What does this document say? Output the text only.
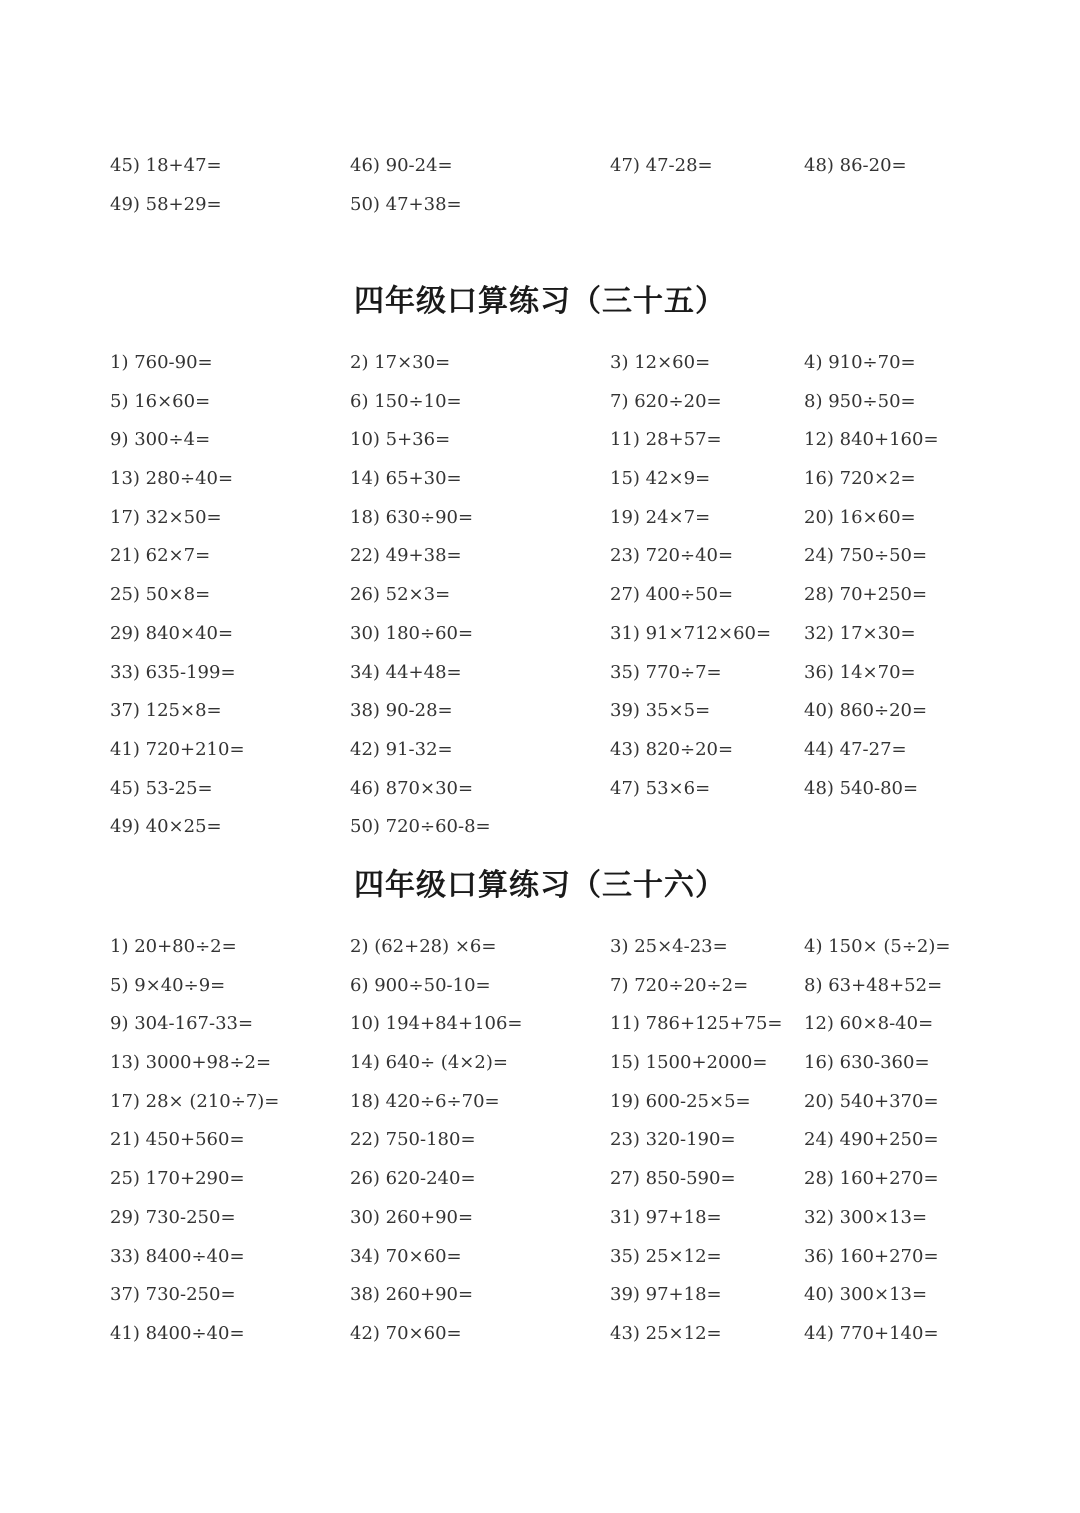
45) 18+47=	46) 90-24=	47) 47-28=	48) 86-20=
49) 58+29=	50) 47+38=
四年级口算练习（三十五）
1) 760-90=	2) 17×30=	3) 12×60=	4) 910÷70=
5) 16×60=	6) 150÷10=	7) 620÷20=	8) 950÷50=
9) 300÷4=	10) 5+36=	11) 28+57=	12) 840+160=
13) 280÷40=	14) 65+30=	15) 42×9=	16) 720×2=
17) 32×50=	18) 630÷90=	19) 24×7=	20) 16×60=
21) 62×7=	22) 49+38=	23) 720÷40=	24) 750÷50=
25) 50×8=	26) 52×3=	27) 400÷50=	28) 70+250=
29) 840×40=	30) 180÷60=	31) 91×712×60= 32) 17×30=
33) 635-199=	34) 44+48=	35) 770÷7=	36) 14×70=
37) 125×8=	38) 90-28=	39) 35×5=	40) 860÷20=
41) 720+210=	42) 91-32=	43) 820÷20=	44) 47-27=
45) 53-25=	46) 870×30=	47) 53×6=	48) 540-80=
49) 40×25=	50) 720÷60-8=
四年级口算练习（三十六）
1) 20+80÷2=	2) (62+28) ×6=	3) 25×4-23=	4) 150× (5÷2)=
5) 9×40÷9=	6) 900÷50-10=	7) 720÷20÷2=	8) 63+48+52=
9) 304-167-33=	10) 194+84+106=	11) 786+125+75= 12) 60×8-40=
13) 3000+98÷2=	14) 640÷ (4×2)=	15) 1500+2000= 16) 630-360=
17) 28× (210÷7)=	18) 420÷6÷70=	19) 600-25×5=	20) 540+370=
21) 450+560=	22) 750-180=	23) 320-190=	24) 490+250=
25) 170+290=	26) 620-240=	27) 850-590=	28) 160+270=
29) 730-250=	30) 260+90=	31) 97+18=	32) 300×13=
33) 8400÷40=	34) 70×60=	35) 25×12=	36) 160+270=
37) 730-250=	38) 260+90=	39) 97+18=	40) 300×13=
41) 8400÷40=	42) 70×60=	43) 25×12=	44) 770+140=
